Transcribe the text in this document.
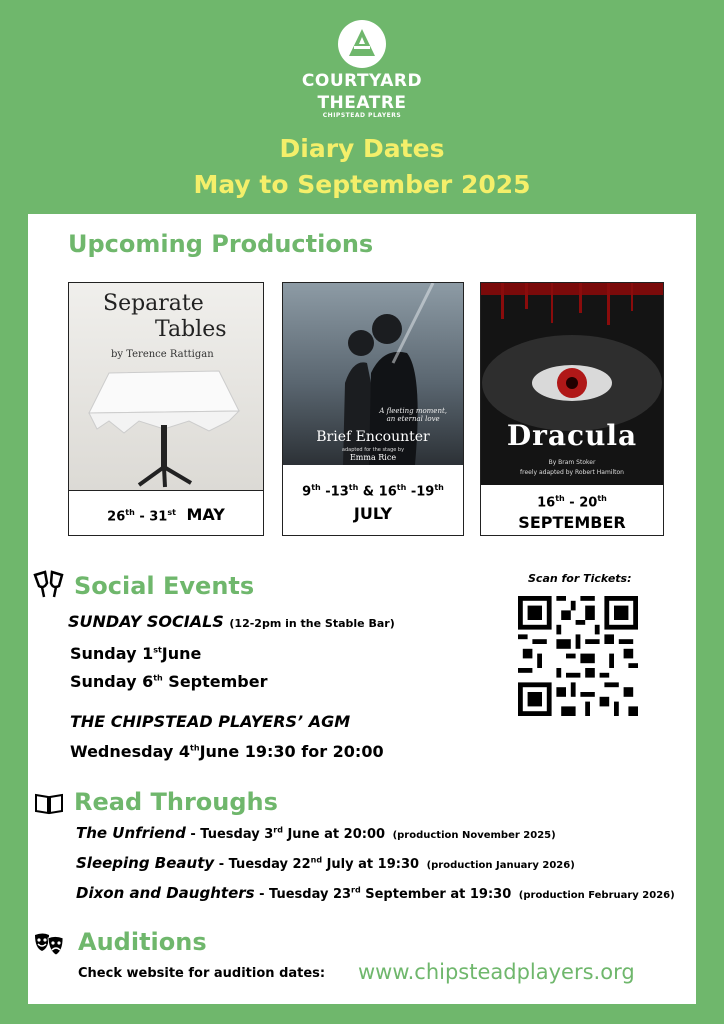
COURTYARD
THEATRE
CHIPSTEAD PLAYERS
Diary Dates
May to September 2025
Upcoming Productions
Separate
Tables
by Terence Rattigan
26th - 31st MAY
A fleeting moment,
an eternal love
Brief Encounter
adapted for the stage by
Emma Rice
9th -13th & 16th -19th
JULY
Dracula
By Bram Stoker
freely adapted by Robert Hamilton
16th - 20th
SEPTEMBER
Social Events
SUNDAY SOCIALS (12-2pm in the Stable Bar)
Sunday 1stJune
Sunday 6th September
THE CHIPSTEAD PLAYERS’ AGM
Wednesday 4thJune 19:30 for 20:00
Scan for Tickets:
Read Throughs
The Unfriend - Tuesday 3rd June at 20:00 (production November 2025)
Sleeping Beauty - Tuesday 22nd July at 19:30 (production January 2026)
Dixon and Daughters - Tuesday 23rd September at 19:30 (production February 2026)
Auditions
Check website for audition dates: www.chipsteadplayers.org
